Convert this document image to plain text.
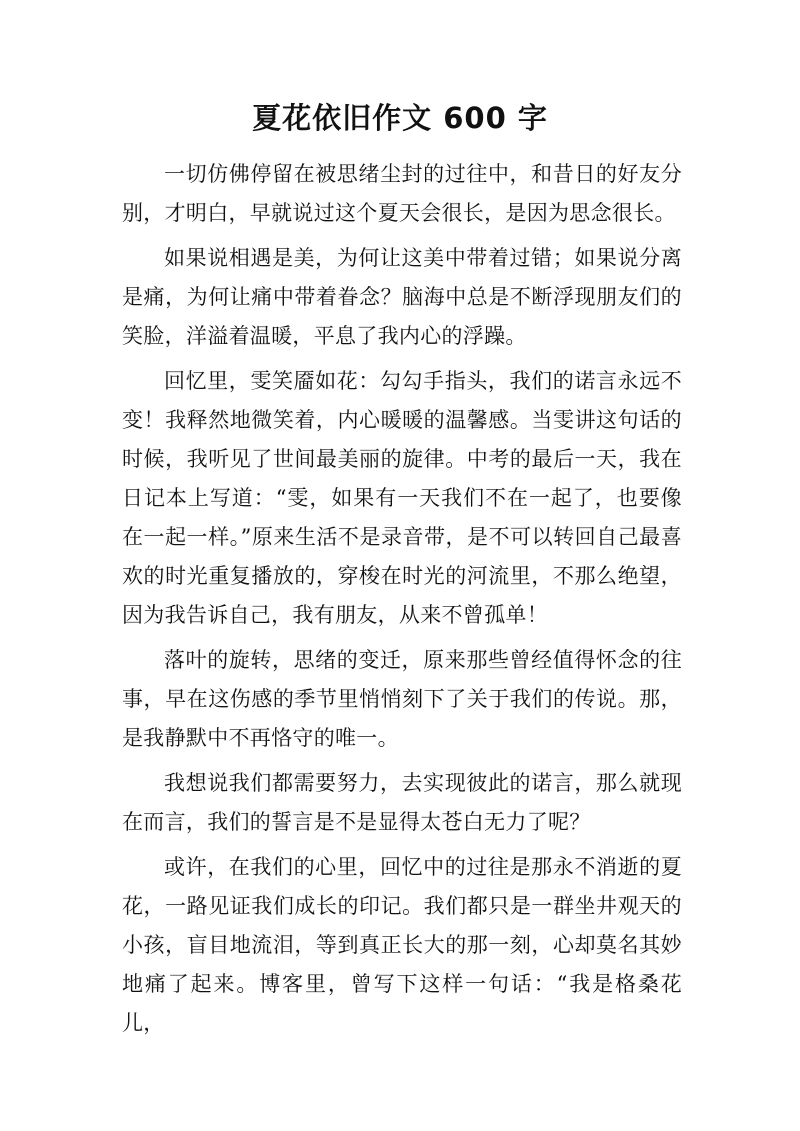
夏花依旧作文 600 字

一切仿佛停留在被思绪尘封的过往中，和昔日的好友分别，才明白，早就说过这个夏天会很长，是因为思念很长。

如果说相遇是美，为何让这美中带着过错；如果说分离是痛，为何让痛中带着眷念？脑海中总是不断浮现朋友们的笑脸，洋溢着温暖，平息了我内心的浮躁。

回忆里，雯笑靥如花：勾勾手指头，我们的诺言永远不变！我释然地微笑着，内心暖暖的温馨感。当雯讲这句话的时候，我听见了世间最美丽的旋律。中考的最后一天，我在日记本上写道：“雯，如果有一天我们不在一起了，也要像在一起一样。”原来生活不是录音带，是不可以转回自己最喜欢的时光重复播放的，穿梭在时光的河流里，不那么绝望，因为我告诉自己，我有朋友，从来不曾孤单！

落叶的旋转，思绪的变迁，原来那些曾经值得怀念的往事，早在这伤感的季节里悄悄刻下了关于我们的传说。那，是我静默中不再恪守的唯一。

我想说我们都需要努力，去实现彼此的诺言，那么就现在而言，我们的誓言是不是显得太苍白无力了呢？

或许，在我们的心里，回忆中的过往是那永不消逝的夏花，一路见证我们成长的印记。我们都只是一群坐井观天的小孩，盲目地流泪，等到真正长大的那一刻，心却莫名其妙地痛了起来。博客里，曾写下这样一句话：“我是格桑花儿，
